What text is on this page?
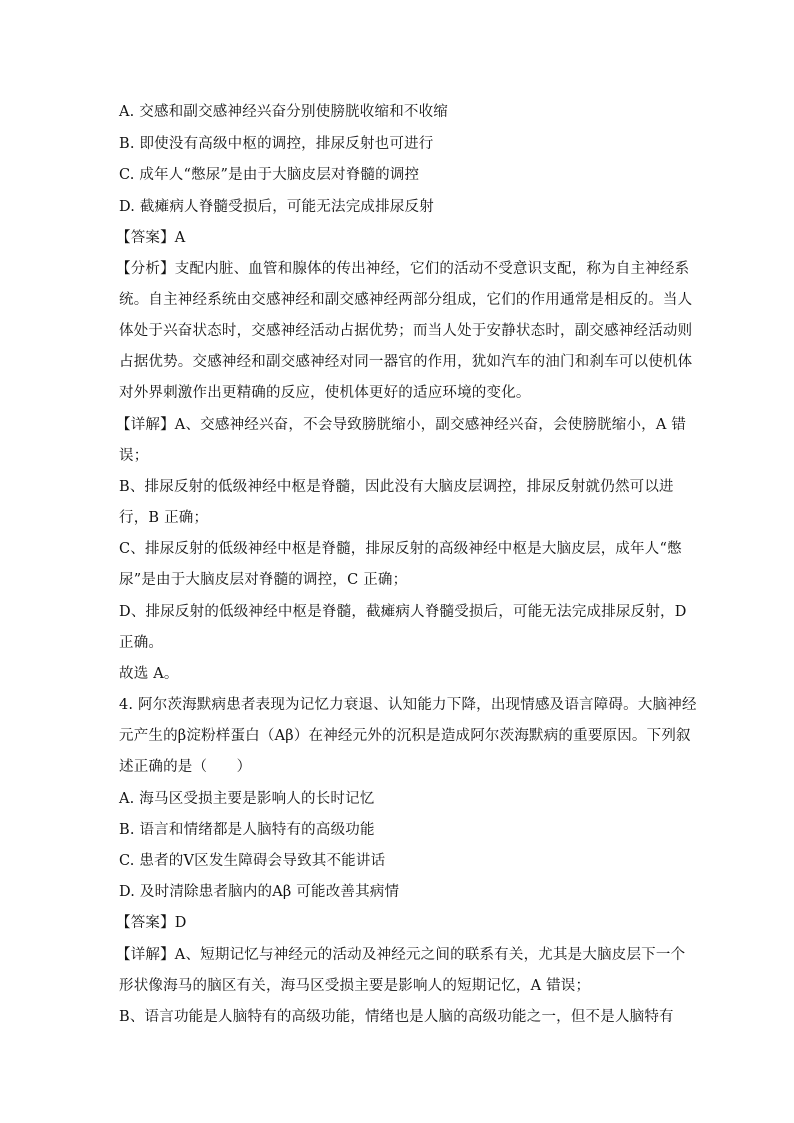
A. 交感和副交感神经兴奋分别使膀胱收缩和不收缩
B. 即使没有高级中枢的调控，排尿反射也可进行
C. 成年人“憋尿”是由于大脑皮层对脊髓的调控
D. 截瘫病人脊髓受损后，可能无法完成排尿反射
【答案】A
【分析】支配内脏、血管和腺体的传出神经，它们的活动不受意识支配，称为自主神经系
统。自主神经系统由交感神经和副交感神经两部分组成，它们的作用通常是相反的。当人
体处于兴奋状态时，交感神经活动占据优势；而当人处于安静状态时，副交感神经活动则
占据优势。交感神经和副交感神经对同一器官的作用，犹如汽车的油门和刹车可以使机体
对外界刺激作出更精确的反应，使机体更好的适应环境的变化。
【详解】A、交感神经兴奋，不会导致膀胱缩小，副交感神经兴奋，会使膀胱缩小，A 错
误；
B、排尿反射的低级神经中枢是脊髓，因此没有大脑皮层调控，排尿反射就仍然可以进
行，B 正确；
C、排尿反射的低级神经中枢是脊髓，排尿反射的高级神经中枢是大脑皮层，成年人“憋
尿”是由于大脑皮层对脊髓的调控，C 正确；
D、排尿反射的低级神经中枢是脊髓，截瘫病人脊髓受损后，可能无法完成排尿反射，D
正确。
故选 A。
4. 阿尔茨海默病患者表现为记忆力衰退、认知能力下降，出现情感及语言障碍。大脑神经
元产生的β淀粉样蛋白（Aβ）在神经元外的沉积是造成阿尔茨海默病的重要原因。下列叙
述正确的是（　　）
A. 海马区受损主要是影响人的长时记忆
B. 语言和情绪都是人脑特有的高级功能
C. 患者的Ⅴ区发生障碍会导致其不能讲话
D. 及时清除患者脑内的Aβ 可能改善其病情
【答案】D
【详解】A、短期记忆与神经元的活动及神经元之间的联系有关，尤其是大脑皮层下一个
形状像海马的脑区有关，海马区受损主要是影响人的短期记忆，A 错误；
B、语言功能是人脑特有的高级功能，情绪也是人脑的高级功能之一，但不是人脑特有
